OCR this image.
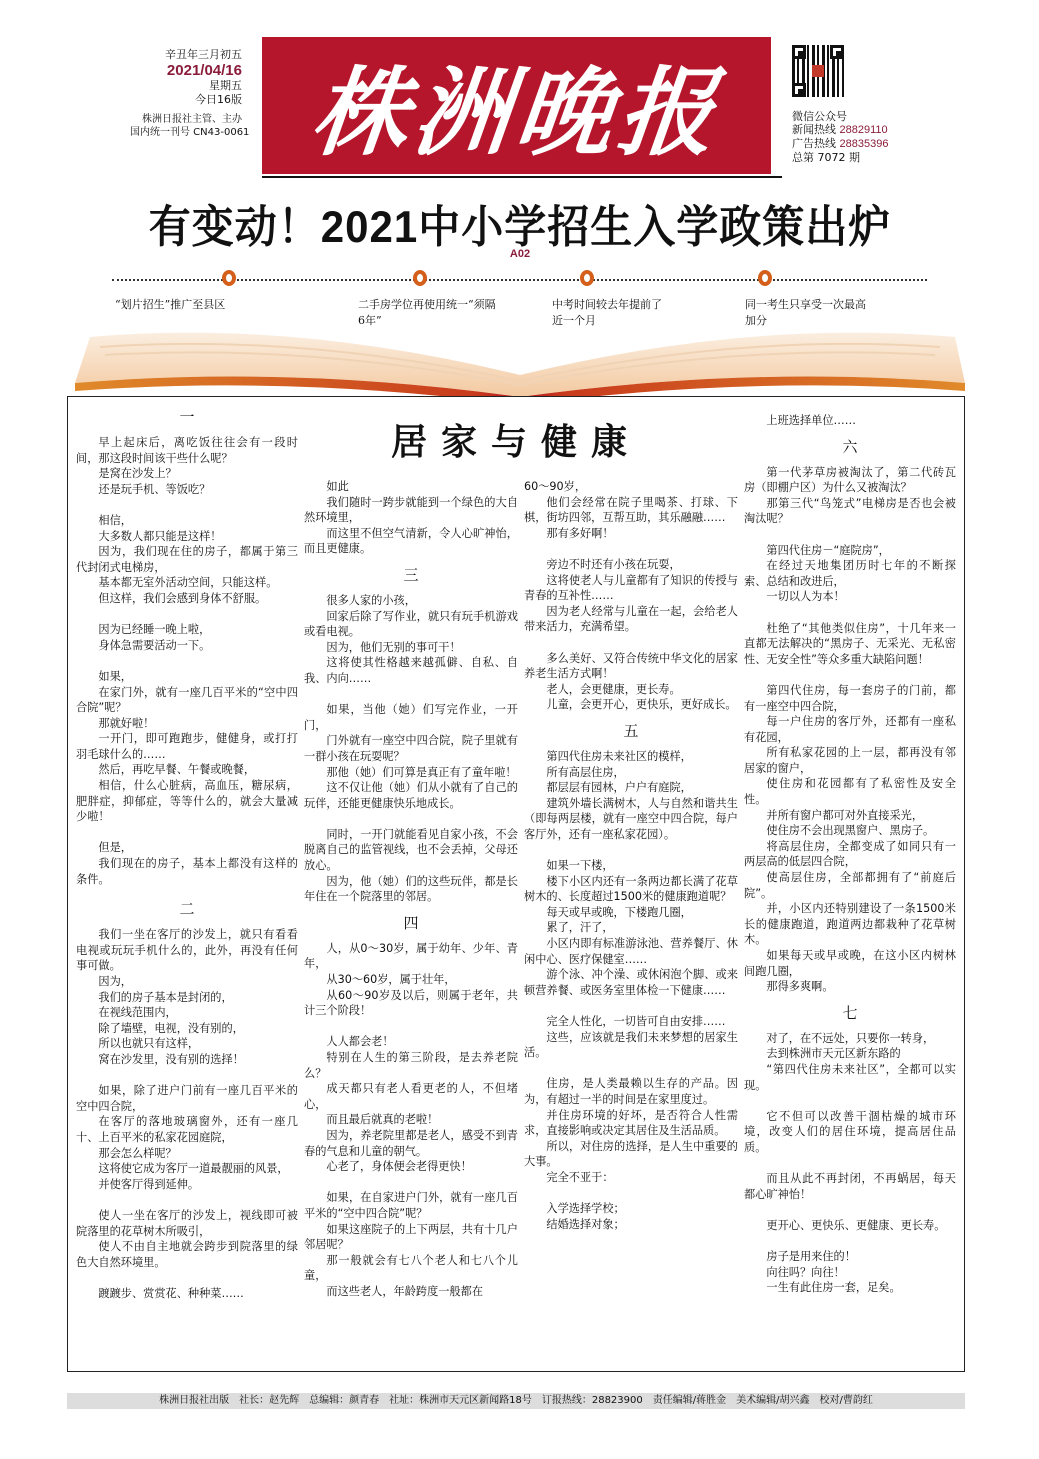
辛丑年三月初五
2021/04/16
星期五
今日16版
株洲日报社主管、主办
国内统一刊号 CN43-0061 株洲晚报	微信公众号
新闻热线 28829110
广告热线 28835396
总第 7072 期
有变动！2021中小学招生入学政策出炉
A02
“划片招生”推广至县区	二手房学位再使用统一“须隔6年”
中考时间较去年提前了近一个月
同一考生只享受一次最高加分
居家与健康
一

早上起床后，离吃饭往往会有一段时间，那这段时间该干些什么呢？

是窝在沙发上？

还是玩手机、等饭吃？

相信，

大多数人都只能是这样！

因为，我们现在住的房子，都属于第三代封闭式电梯房，

基本都无室外活动空间，只能这样。

但这样，我们会感到身体不舒服。

因为已经睡一晚上啦，

身体急需要活动一下。

如果，

在家门外，就有一座几百平米的“空中四合院”呢？

那就好啦！

一开门，即可跑跑步，健健身，或打打羽毛球什么的……

然后，再吃早餐、午餐或晚餐，

相信，什么心脏病，高血压，糖尿病，肥胖症，抑郁症，等等什么的，就会大量减少啦！

但是，

我们现在的房子，基本上都没有这样的条件。

二

我们一坐在客厅的沙发上，就只有看看电视或玩玩手机什么的，此外，再没有任何事可做。

因为，

我们的房子基本是封闭的，

在视线范围内，

除了墙壁，电视，没有别的，

所以也就只有这样，

窝在沙发里，没有别的选择！

如果，除了进户门前有一座几百平米的空中四合院，

在客厅的落地玻璃窗外，还有一座几十、上百平米的私家花园庭院，

那会怎么样呢？

这将使它成为客厅一道最靓丽的风景，

并使客厅得到延伸。

使人一坐在客厅的沙发上，视线即可被院落里的花草树木所吸引，

使人不由自主地就会跨步到院落里的绿色大自然环境里。

踱踱步、赏赏花、种种菜……

如此

我们随时一跨步就能到一个绿色的大自然环境里，

而这里不但空气清新，令人心旷神怡，而且更健康。

三

很多人家的小孩，

回家后除了写作业，就只有玩手机游戏或看电视。

因为，他们无别的事可干！

这将使其性格越来越孤僻、自私、自我、内向……

如果，当他（她）们写完作业，一开门，

门外就有一座空中四合院，院子里就有一群小孩在玩耍呢？

那他（她）们可算是真正有了童年啦！

这不仅让他（她）们从小就有了自己的玩伴，还能更健康快乐地成长。

同时，一开门就能看见自家小孩，不会脱离自己的监管视线，也不会丢掉，父母还放心。

因为，他（她）们的这些玩伴，都是长年住在一个院落里的邻居。

四

人，从0～30岁，属于幼年、少年、青年，

从30～60岁，属于壮年，

从60～90岁及以后，则属于老年，共计三个阶段！

人人都会老！

特别在人生的第三阶段，是去养老院么？

成天都只有老人看更老的人，不但堵心，

而且最后就真的老啦！

因为，养老院里都是老人，感受不到青春的气息和儿童的朝气。

心老了，身体便会老得更快！

如果，在自家进户门外，就有一座几百平米的“空中四合院”呢？

如果这座院子的上下两层，共有十几户邻居呢？

那一般就会有七八个老人和七八个儿童，

而这些老人，年龄跨度一般都在

60～90岁，

他们会经常在院子里喝茶、打球、下棋，街坊四邻，互帮互助，其乐融融……

那有多好啊！

旁边不时还有小孩在玩耍，

这将使老人与儿童都有了知识的传授与青春的互补性……

因为老人经常与儿童在一起，会给老人带来活力，充满希望。

多么美好、又符合传统中华文化的居家养老生活方式啊！

老人，会更健康，更长寿。

儿童，会更开心，更快乐，更好成长。

五

第四代住房未来社区的模样，

所有高层住房，

都层层有园林，户户有庭院，

建筑外墙长满树木，人与自然和谐共生（即每两层楼，就有一座空中四合院，每户客厅外，还有一座私家花园）。

如果一下楼，

楼下小区内还有一条两边都长满了花草树木的、长度超过1500米的健康跑道呢？

每天或早或晚，下楼跑几圈，

累了，汗了，

小区内即有标准游泳池、营养餐厅、休闲中心、医疗保健室……

游个泳、冲个澡、或休闲泡个脚、或来顿营养餐、或医务室里体检一下健康……

完全人性化，一切皆可自由安排……

这些，应该就是我们未来梦想的居家生活。

住房，是人类最赖以生存的产品。因为，有超过一半的时间是在家里度过。

并住房环境的好坏，是否符合人性需求，直接影响或决定其居住及生活品质。

所以，对住房的选择，是人生中重要的大事。

完全不亚于：

入学选择学校；

结婚选择对象；

上班选择单位……

六

第一代茅草房被淘汰了，第二代砖瓦房（即棚户区）为什么又被淘汰？

那第三代“鸟笼式”电梯房是否也会被淘汰呢？

第四代住房－“庭院房”，

在经过天地集团历时七年的不断探索、总结和改进后，

一切以人为本！

杜绝了“其他类似住房”，十几年来一直都无法解决的“黑房子、无采光、无私密性、无安全性”等众多重大缺陷问题！

第四代住房，每一套房子的门前，都有一座空中四合院，

每一户住房的客厅外，还都有一座私有花园，

所有私家花园的上一层，都再没有邻居家的窗户，

使住房和花园都有了私密性及安全性。

并所有窗户都可对外直接采光，

使住房不会出现黑窗户、黑房子。

将高层住房，全都变成了如同只有一两层高的低层四合院，

使高层住房，全部都拥有了“前庭后院”。

并，小区内还特别建设了一条1500米长的健康跑道，跑道两边都栽种了花草树木。

如果每天或早或晚，在这小区内树林间跑几圈，

那得多爽啊。

七

对了，在不远处，只要你一转身，

去到株洲市天元区新东路的

“第四代住房未来社区”，全都可以实现。

它不但可以改善干涸枯燥的城市环境，改变人们的居住环境，提高居住品质。

而且从此不再封闭，不再蜗居，每天都心旷神怡！

更开心、更快乐、更健康、更长寿。

房子是用来住的！

向往吗？向往！

一生有此住房一套，足矣。

株洲日报社出版　社长：赵先辉　总编辑：颜青春　社址：株洲市天元区新闻路18号　订报热线：28823900　责任编辑/蒋胜金　美术编辑/胡兴鑫　校对/曹韵红
